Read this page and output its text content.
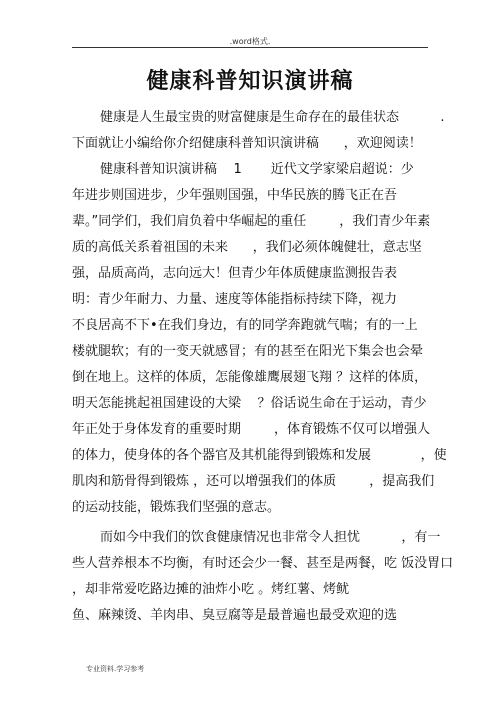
.word格式.
健康科普知识演讲稿
健康是人生最宝贵的财富健康是生命存在的最佳状态          .
下面就让小编给你介绍健康科普知识演讲稿      ，欢迎阅读！
健康科普知识演讲稿    1       近代文学家梁启超说：少
年进步则国进步，少年强则国强，中华民族的腾飞正在吾
辈。”同学们，我们肩负着中华崛起的重任        ，我们青少年素
质的高低关系着祖国的未来      ，我们必须体魄健壮，意志坚
强，品质高尚，志向远大！但青少年体质健康监测报告表
明：青少年耐力、力量、速度等体能指标持续下降，视力
不良居高不下•在我们身边，有的同学奔跑就气喘；有的一上
楼就腿软；有的一变天就感冒；有的甚至在阳光下集会也会晕
倒在地上。这样的体质，怎能像雄鹰展翅飞翔 ？这样的体质，
明天怎能挑起祖国建设的大梁    ？俗话说生命在于运动，青少
年正处于身体发育的重要时期        ，体育锻炼不仅可以增强人
的体力，使身体的各个器官及其机能得到锻炼和发展            ，使
肌肉和筋骨得到锻炼 ，还可以增强我们的体质        ，提高我们
的运动技能，锻炼我们坚强的意志。
而如今中我们的饮食健康情况也非常令人担忧          ，有一
些人营养根本不均衡，有时还会少一餐、甚至是两餐，吃 饭没胃口
，却非常爱吃路边摊的油炸小吃 。烤红薯、烤鱿
鱼、麻辣烫、羊肉串、臭豆腐等是最普遍也最受欢迎的选
专业资料.学习参考
